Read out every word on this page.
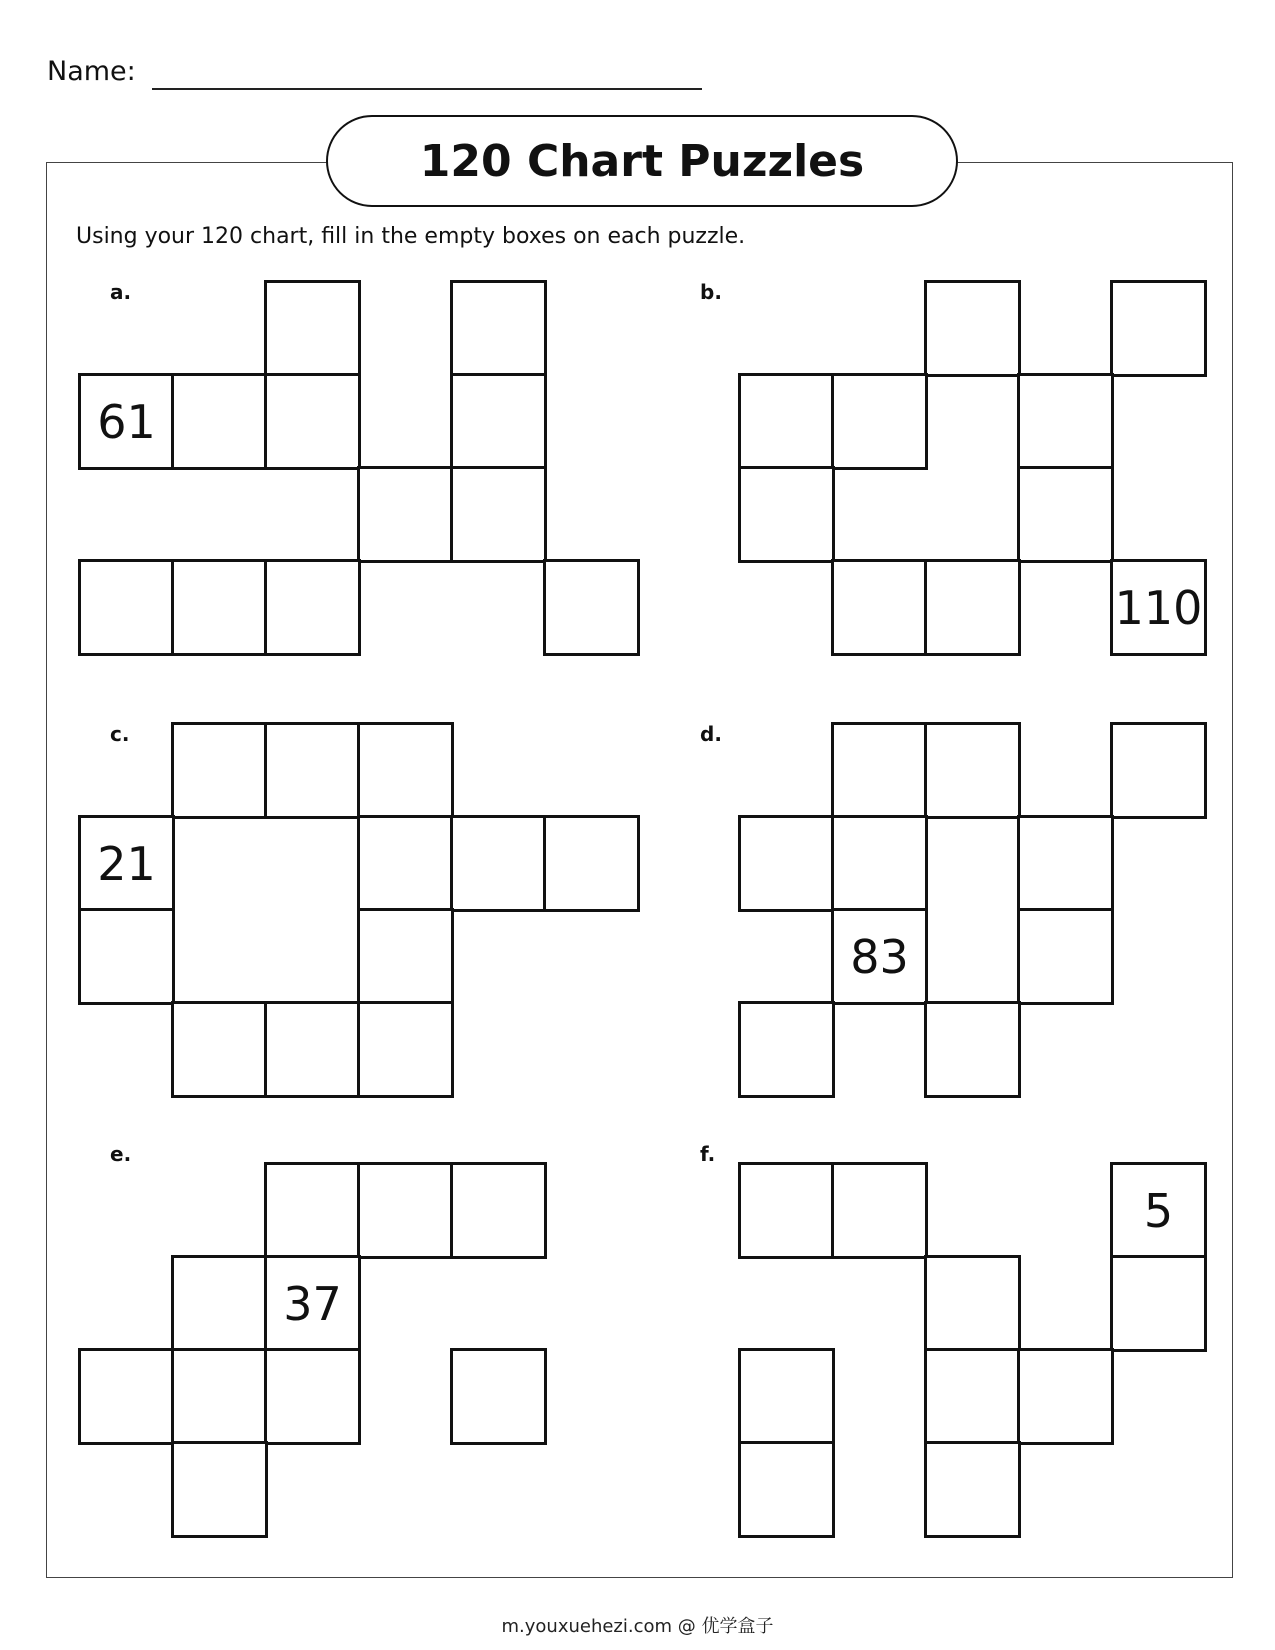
Name:
120 Chart Puzzles
Using your 120 chart, fill in the empty boxes on each puzzle.
a.
61
b.
110
c.
21
d.
83
e.
37
f.
5
m.youxuehezi.com @ 优学盒子
